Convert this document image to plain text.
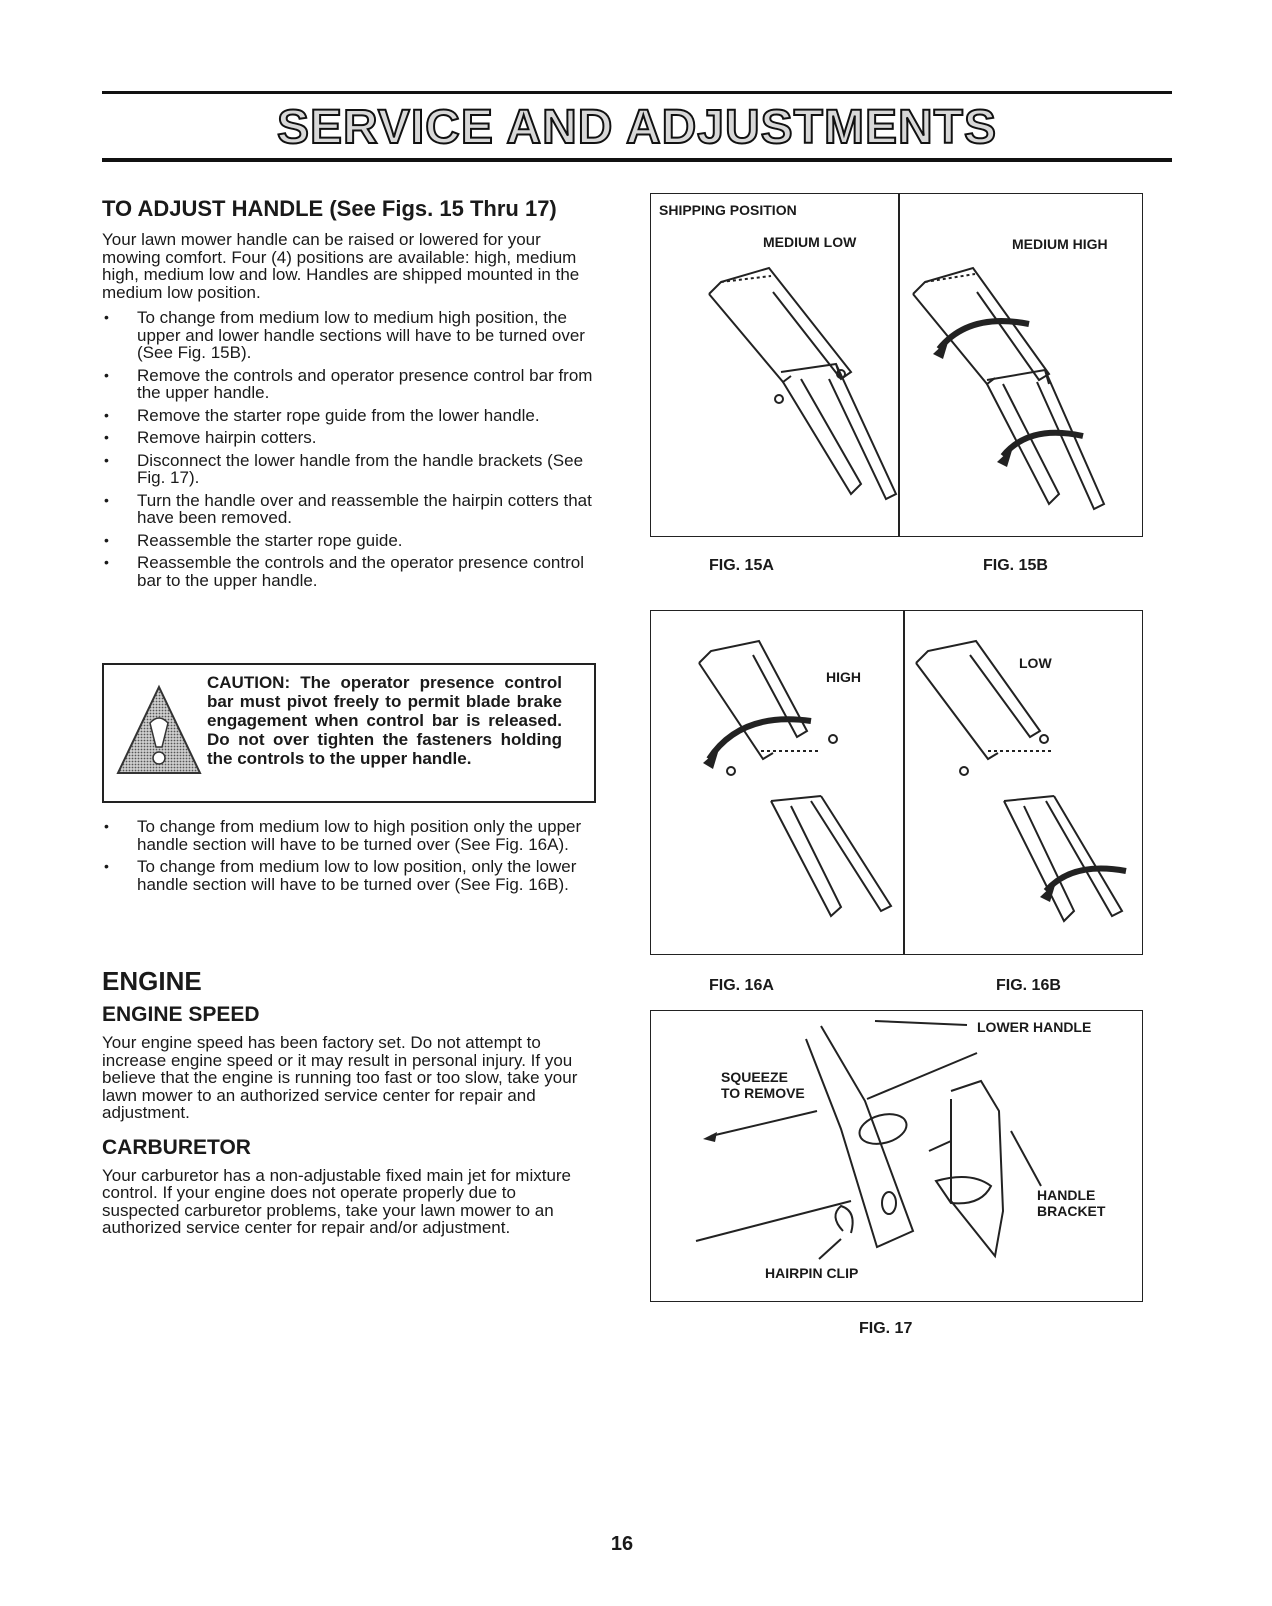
SERVICE AND ADJUSTMENTS
TO ADJUST HANDLE (See Figs. 15 Thru 17)

Your lawn mower handle can be raised or lowered for your mowing comfort. Four (4) positions are available: high, medium high, medium low and low. Handles are shipped mounted in the medium low position.

• To change from medium low to medium high position, the upper and lower handle sections will have to be turned over (See Fig. 15B).
• Remove the controls and operator presence control bar from the upper handle.
• Remove the starter rope guide from the lower handle.
• Remove hairpin cotters.
• Disconnect the lower handle from the handle brackets (See Fig. 17).
• Turn the handle over and reassemble the hairpin cotters that have been removed.
• Reassemble the starter rope guide.
• Reassemble the controls and the operator presence control bar to the upper handle.
CAUTION: The operator presence control bar must pivot freely to permit blade brake engagement when control bar is released. Do not over tighten the fasteners holding the controls to the upper handle.
• To change from medium low to high position only the upper handle section will have to be turned over (See Fig. 16A).
• To change from medium low to low position, only the lower handle section will have to be turned over (See Fig. 16B).
ENGINE
ENGINE SPEED

Your engine speed has been factory set. Do not attempt to increase engine speed or it may result in personal injury. If you believe that the engine is running too fast or too slow, take your lawn mower to an authorized service center for repair and adjustment.

CARBURETOR

Your carburetor has a non-adjustable fixed main jet for mixture control. If your engine does not operate properly due to suspected carburetor problems, take your lawn mower to an authorized service center for repair and/or adjustment.

SHIPPING POSITION
MEDIUM LOW	MEDIUM HIGH
FIG. 15A	FIG. 15B
HIGH
LOW
FIG. 16A	FIG. 16B
LOWER HANDLE
SQUEEZE
TO REMOVE
HANDLE
BRACKET
HAIRPIN CLIP
FIG. 17
16
